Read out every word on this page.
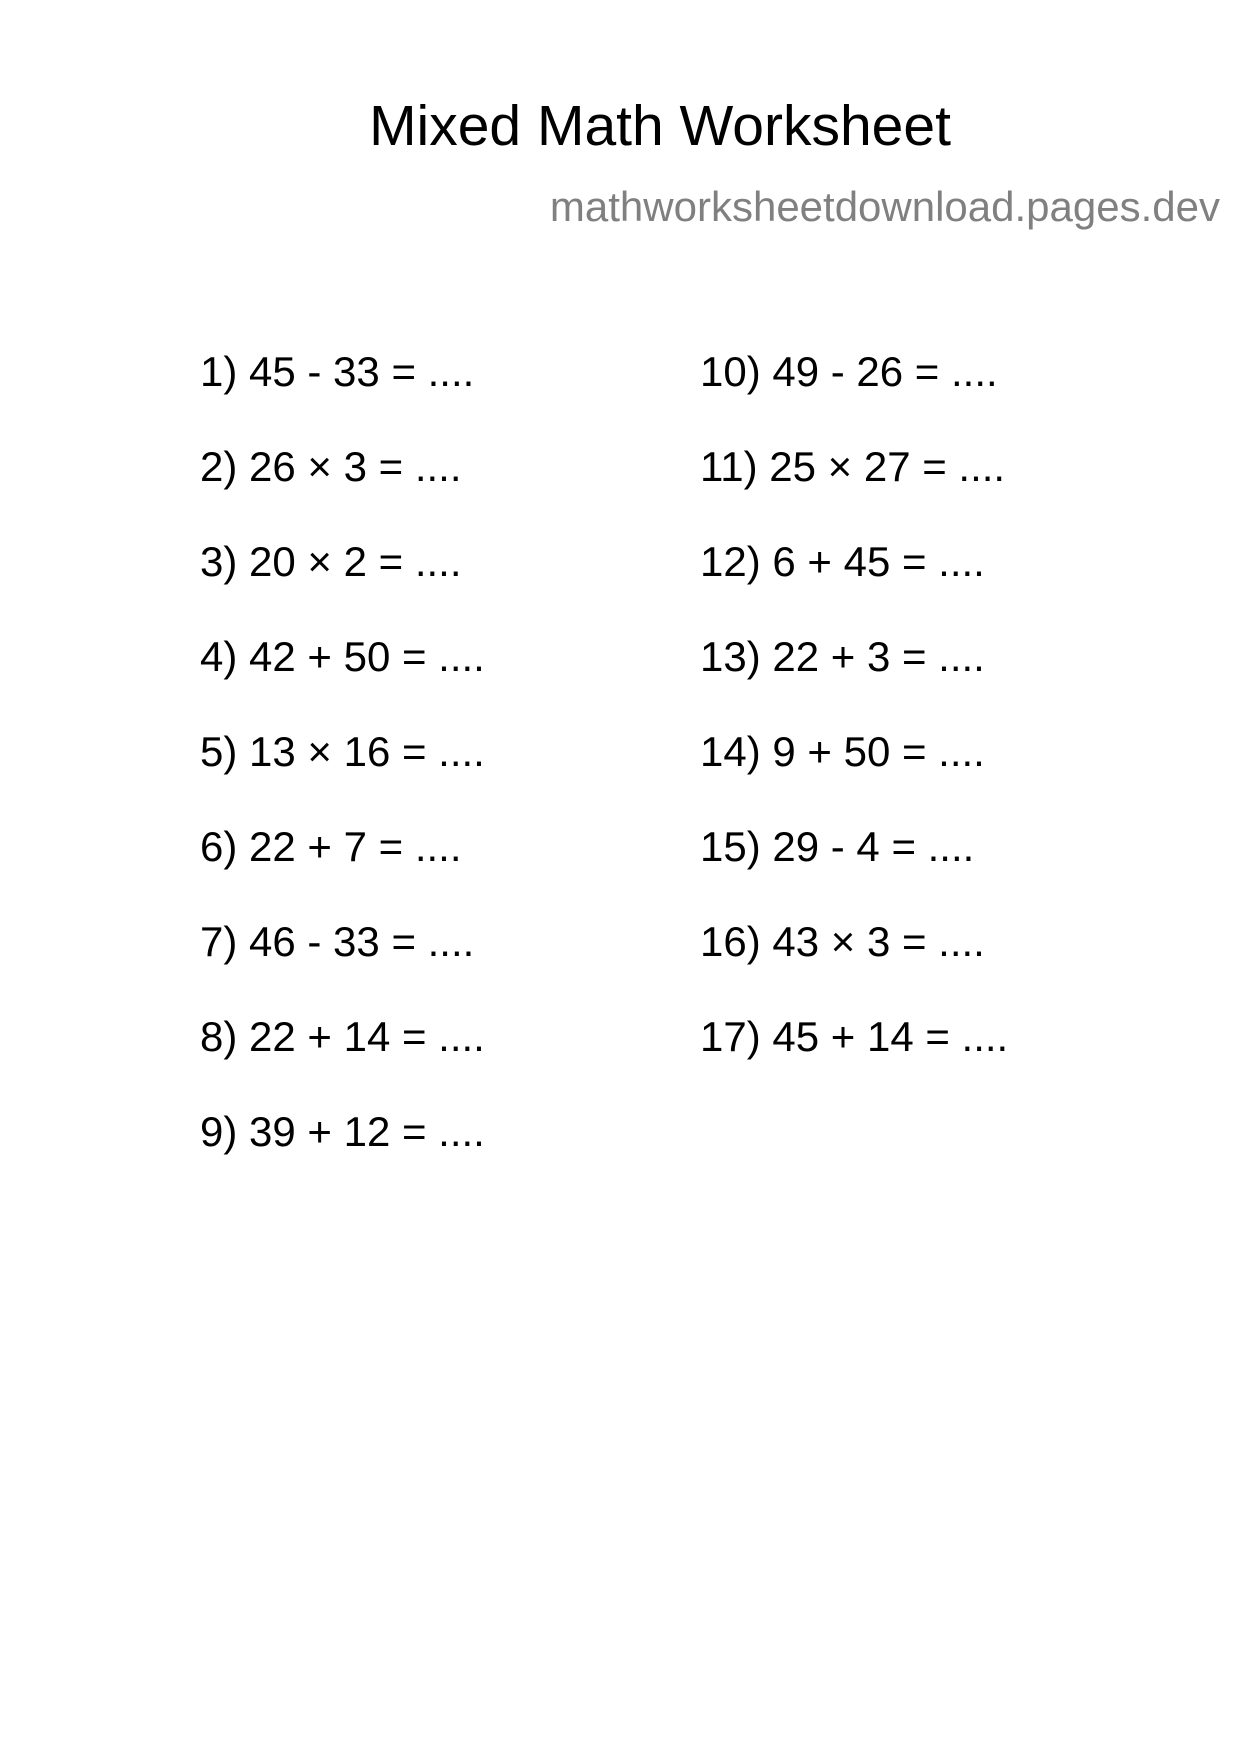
Mixed Math Worksheet
mathworksheetdownload.pages.dev
1) 45 - 33 = ....
2) 26 × 3 = ....
3) 20 × 2 = ....
4) 42 + 50 = ....
5) 13 × 16 = ....
6) 22 + 7 = ....
7) 46 - 33 = ....
8) 22 + 14 = ....
9) 39 + 12 = ....
10) 49 - 26 = ....
11) 25 × 27 = ....
12) 6 + 45 = ....
13) 22 + 3 = ....
14) 9 + 50 = ....
15) 29 - 4 = ....
16) 43 × 3 = ....
17) 45 + 14 = ....
